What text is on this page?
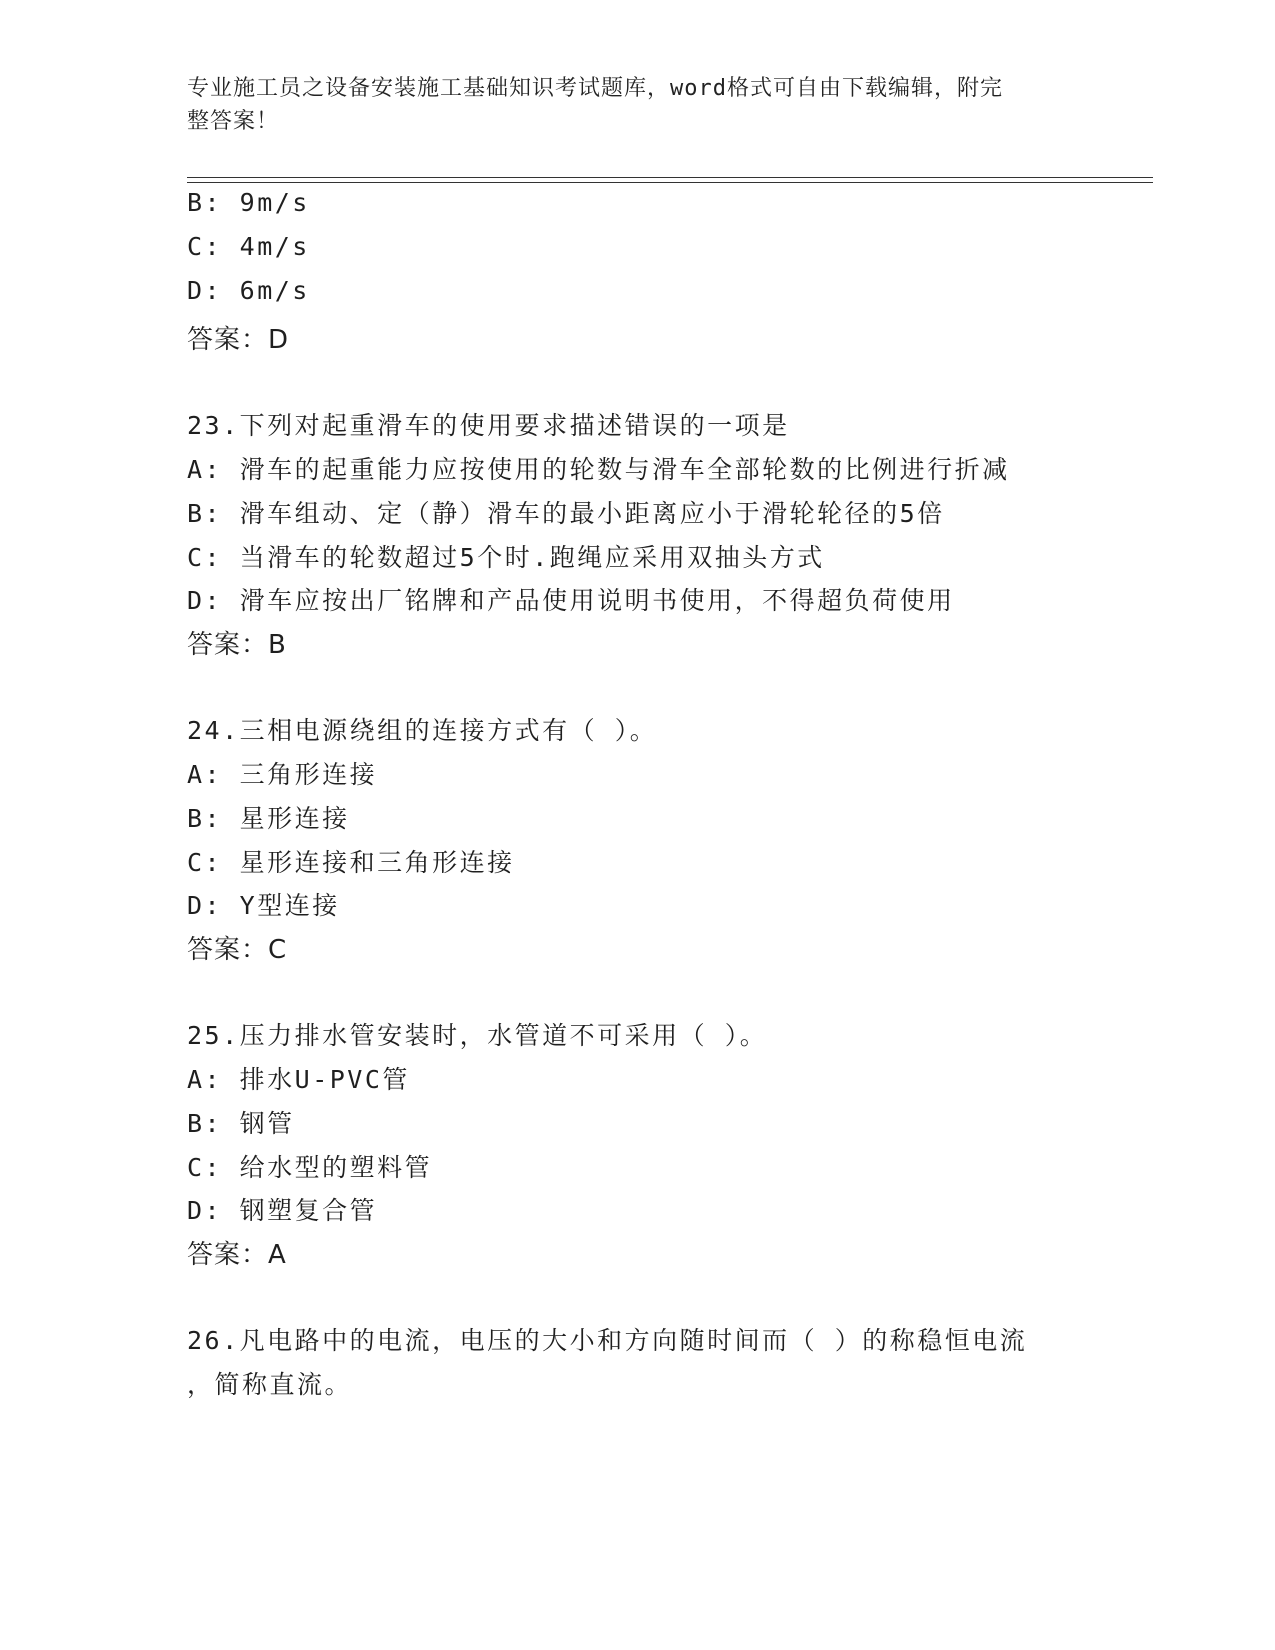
专业施工员之设备安装施工基础知识考试题库，word格式可自由下载编辑，附完
整答案！
B: 9m/s
C: 4m/s
D: 6m/s
答案：D
23.下列对起重滑车的使用要求描述错误的一项是
A: 滑车的起重能力应按使用的轮数与滑车全部轮数的比例进行折减
B: 滑车组动、定（静）滑车的最小距离应小于滑轮轮径的5倍
C: 当滑车的轮数超过5个时.跑绳应采用双抽头方式
D: 滑车应按出厂铭牌和产品使用说明书使用，不得超负荷使用
答案：B
24.三相电源绕组的连接方式有（ ）。
A: 三角形连接
B: 星形连接
C: 星形连接和三角形连接
D: Y型连接
答案：C
25.压力排水管安装时，水管道不可采用（ ）。
A: 排水U-PVC管
B: 钢管
C: 给水型的塑料管
D: 钢塑复合管
答案：A
26.凡电路中的电流，电压的大小和方向随时间而（ ）的称稳恒电流
，简称直流。
